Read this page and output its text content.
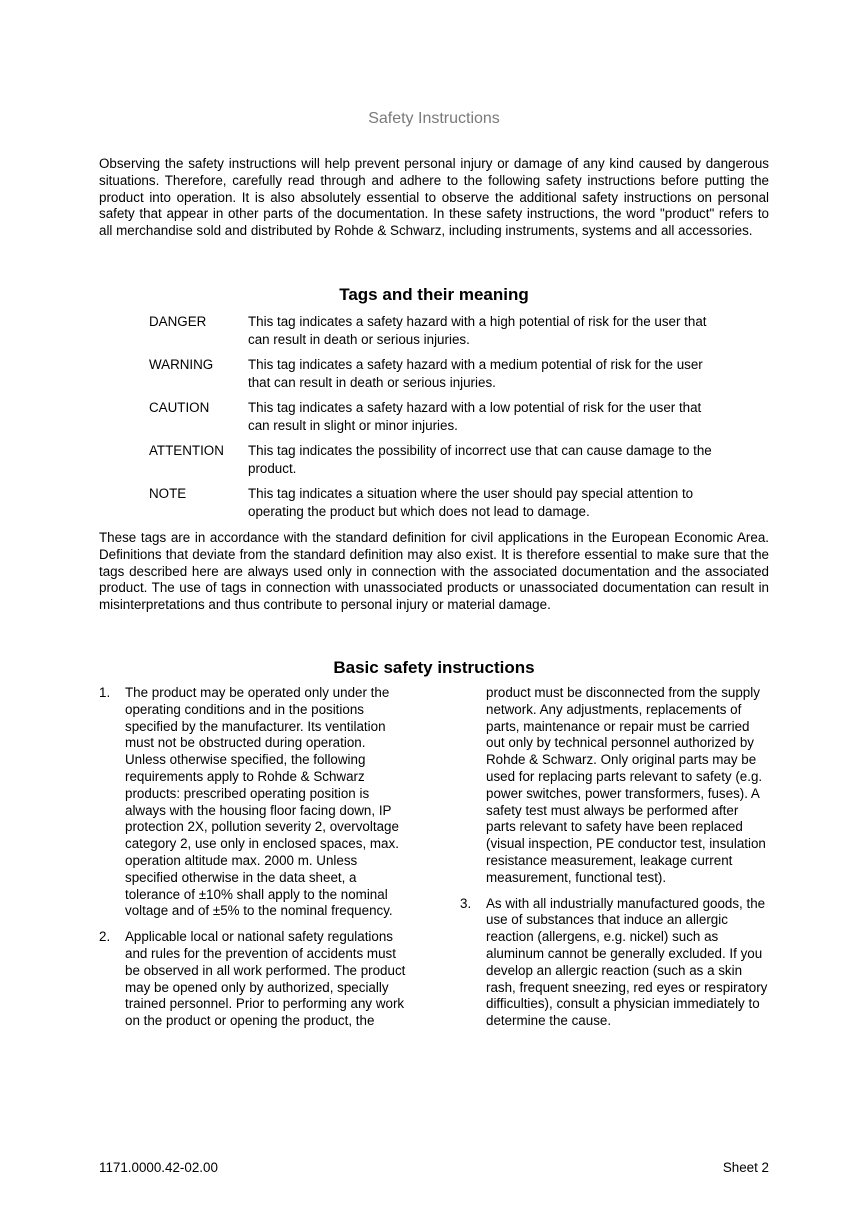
Safety Instructions
Observing the safety instructions will help prevent personal injury or damage of any kind caused by dangerous situations. Therefore, carefully read through and adhere to the following safety instructions before putting the product into operation. It is also absolutely essential to observe the additional safety instructions on personal safety that appear in other parts of the documentation. In these safety instructions, the word "product" refers to all merchandise sold and distributed by Rohde & Schwarz, including instruments, systems and all accessories.
Tags and their meaning
DANGER	This tag indicates a safety hazard with a high potential of risk for the user that can result in death or serious injuries.
WARNING	This tag indicates a safety hazard with a medium potential of risk for the user that can result in death or serious injuries.
CAUTION	This tag indicates a safety hazard with a low potential of risk for the user that can result in slight or minor injuries.
ATTENTION	This tag indicates the possibility of incorrect use that can cause damage to the product.
NOTE	This tag indicates a situation where the user should pay special attention to operating the product but which does not lead to damage.
These tags are in accordance with the standard definition for civil applications in the European Economic Area. Definitions that deviate from the standard definition may also exist. It is therefore essential to make sure that the tags described here are always used only in connection with the associated documentation and the associated product. The use of tags in connection with unassociated products or unassociated documentation can result in misinterpretations and thus contribute to personal injury or material damage.
Basic safety instructions
1.	The product may be operated only under the operating conditions and in the positions specified by the manufacturer. Its ventilation must not be obstructed during operation. Unless otherwise specified, the following requirements apply to Rohde & Schwarz products: prescribed operating position is always with the housing floor facing down, IP protection 2X, pollution severity 2, overvoltage category 2, use only in enclosed spaces, max. operation altitude max. 2000 m. Unless specified otherwise in the data sheet, a tolerance of ±10% shall apply to the nominal voltage and of ±5% to the nominal frequency.
2.	Applicable local or national safety regulations and rules for the prevention of accidents must be observed in all work performed. The product may be opened only by authorized, specially trained personnel. Prior to performing any work on the product or opening the product, the
product must be disconnected from the supply network. Any adjustments, replacements of parts, maintenance or repair must be carried out only by technical personnel authorized by Rohde & Schwarz. Only original parts may be used for replacing parts relevant to safety (e.g. power switches, power transformers, fuses). A safety test must always be performed after parts relevant to safety have been replaced (visual inspection, PE conductor test, insulation resistance measurement, leakage current measurement, functional test).
3.	As with all industrially manufactured goods, the use of substances that induce an allergic reaction (allergens, e.g. nickel) such as aluminum cannot be generally excluded. If you develop an allergic reaction (such as a skin rash, frequent sneezing, red eyes or respiratory difficulties), consult a physician immediately to determine the cause.
1171.0000.42-02.00	Sheet 2
